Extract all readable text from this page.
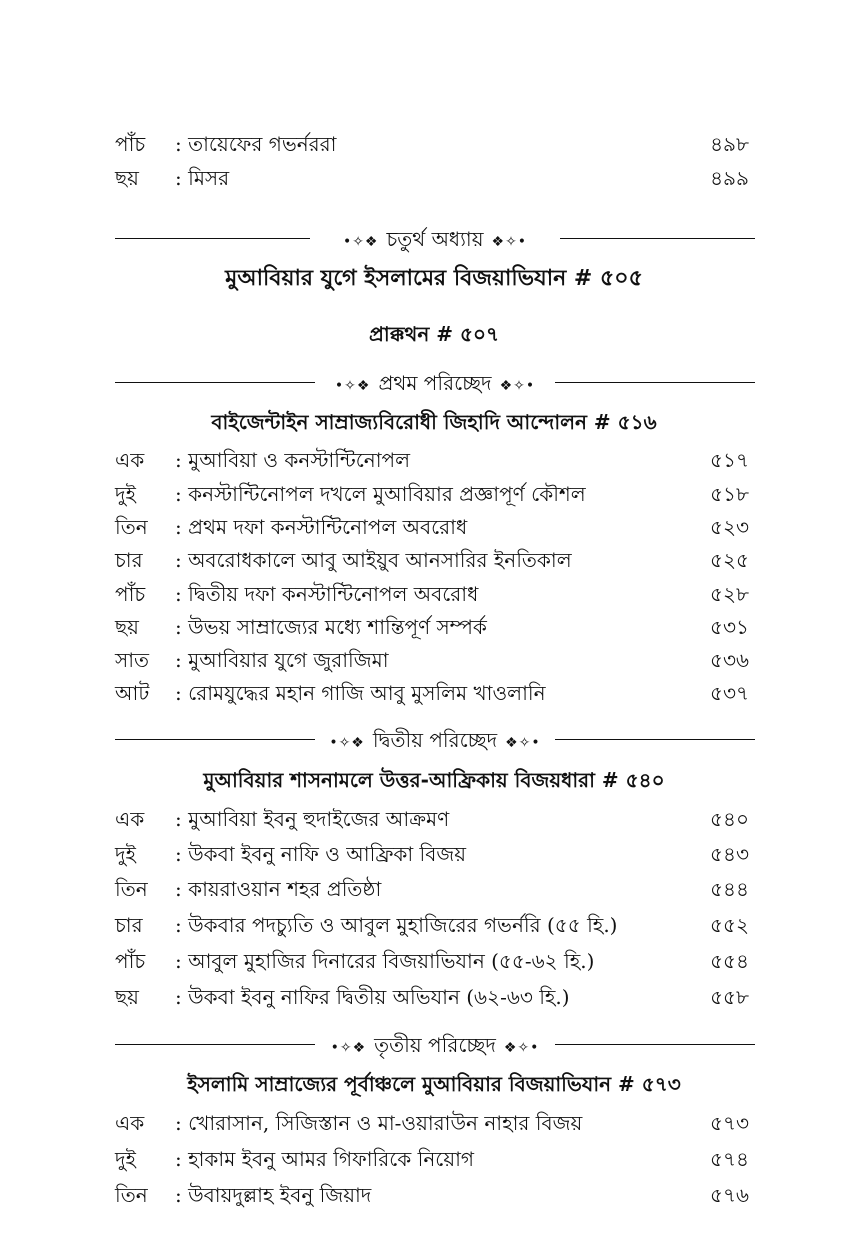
পাঁচ : তায়েফের গভর্নররা	৪৯৮
ছয় : মিসর	৪৯৯
•✧❖ চতুর্থ অধ্যায় ❖✧•
মুআবিয়ার যুগে ইসলামের বিজয়াভিযান # ৫০৫
প্রাক্কথন # ৫০৭
•✧❖ প্রথম পরিচ্ছেদ ❖✧•
বাইজেন্টাইন সাম্রাজ্যবিরোধী জিহাদি আন্দোলন # ৫১৬
এক : মুআবিয়া ও কনস্টান্টিনোপল	৫১৭
দুই : কনস্টান্টিনোপল দখলে মুআবিয়ার প্রজ্ঞাপূর্ণ কৌশল	৫১৮
তিন : প্রথম দফা কনস্টান্টিনোপল অবরোধ	৫২৩
চার : অবরোধকালে আবু আইয়ুব আনসারির ইনতিকাল	৫২৫
পাঁচ : দ্বিতীয় দফা কনস্টান্টিনোপল অবরোধ	৫২৮
ছয় : উভয় সাম্রাজ্যের মধ্যে শান্তিপূর্ণ সম্পর্ক	৫৩১
সাত : মুআবিয়ার যুগে জুরাজিমা	৫৩৬
আট : রোমযুদ্ধের মহান গাজি আবু মুসলিম খাওলানি	৫৩৭
•✧❖ দ্বিতীয় পরিচ্ছেদ ❖✧•
মুআবিয়ার শাসনামলে উত্তর-আফ্রিকায় বিজয়ধারা # ৫৪০
এক : মুআবিয়া ইবনু হুদাইজের আক্রমণ	৫৪০
দুই : উকবা ইবনু নাফি ও আফ্রিকা বিজয়	৫৪৩
তিন : কায়রাওয়ান শহর প্রতিষ্ঠা	৫৪৪
চার : উকবার পদচ্যুতি ও আবুল মুহাজিরের গভর্নরি (৫৫ হি.)	৫৫২
পাঁচ : আবুল মুহাজির দিনারের বিজয়াভিযান (৫৫-৬২ হি.)	৫৫৪
ছয় : উকবা ইবনু নাফির দ্বিতীয় অভিযান (৬২-৬৩ হি.)	৫৫৮
•✧❖ তৃতীয় পরিচ্ছেদ ❖✧•
ইসলামি সাম্রাজ্যের পূর্বাঞ্চলে মুআবিয়ার বিজয়াভিযান # ৫৭৩
এক : খোরাসান, সিজিস্তান ও মা-ওয়ারাউন নাহার বিজয়	৫৭৩
দুই : হাকাম ইবনু আমর গিফারিকে নিয়োগ	৫৭৪
তিন : উবায়দুল্লাহ ইবনু জিয়াদ	৫৭৬
